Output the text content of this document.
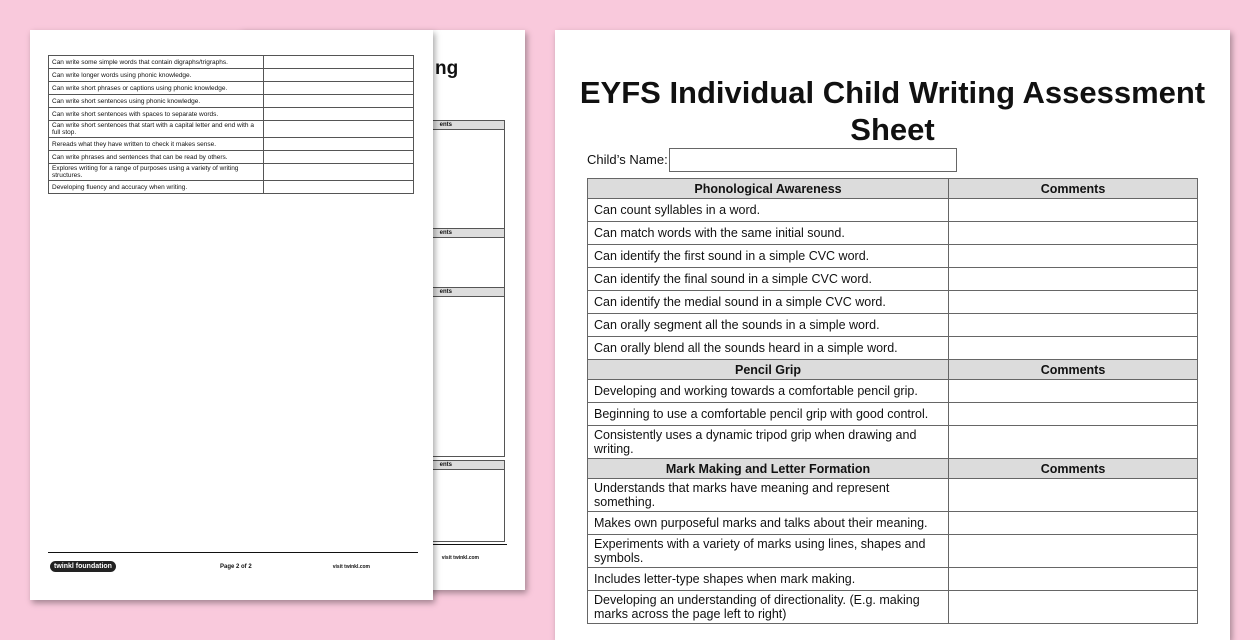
ng
ents
ents
ents
ents
visit twinkl.com
Can write some simple words that contain digraphs/trigraphs.	
Can write longer words using phonic knowledge.	
Can write short phrases or captions using phonic knowledge.	
Can write short sentences using phonic knowledge.	
Can write short sentences with spaces to separate words.	
Can write short sentences that start with a capital letter and end with a full stop.	
Rereads what they have written to check it makes sense.	
Can write phrases and sentences that can be read by others.	
Explores writing for a range of purposes using a variety of writing structures.	
Developing fluency and accuracy when writing.	
twinkl foundation	Page 2 of 2	visit twinkl.com
EYFS Individual Child Writing Assessment Sheet
Child’s Name:
Phonological Awareness	Comments
Can count syllables in a word.	
Can match words with the same initial sound.	
Can identify the first sound in a simple CVC word.	
Can identify the final sound in a simple CVC word.	
Can identify the medial sound in a simple CVC word.	
Can orally segment all the sounds in a simple word.	
Can orally blend all the sounds heard in a simple word.	
Pencil Grip	Comments
Developing and working towards a comfortable pencil grip.	
Beginning to use a comfortable pencil grip with good control.	
Consistently uses a dynamic tripod grip when drawing and writing.	
Mark Making and Letter Formation	Comments
Understands that marks have meaning and represent something.	
Makes own purposeful marks and talks about their meaning.	
Experiments with a variety of marks using lines, shapes and symbols.	
Includes letter-type shapes when mark making.	
Developing an understanding of directionality. (E.g. making marks across the page left to right)	
